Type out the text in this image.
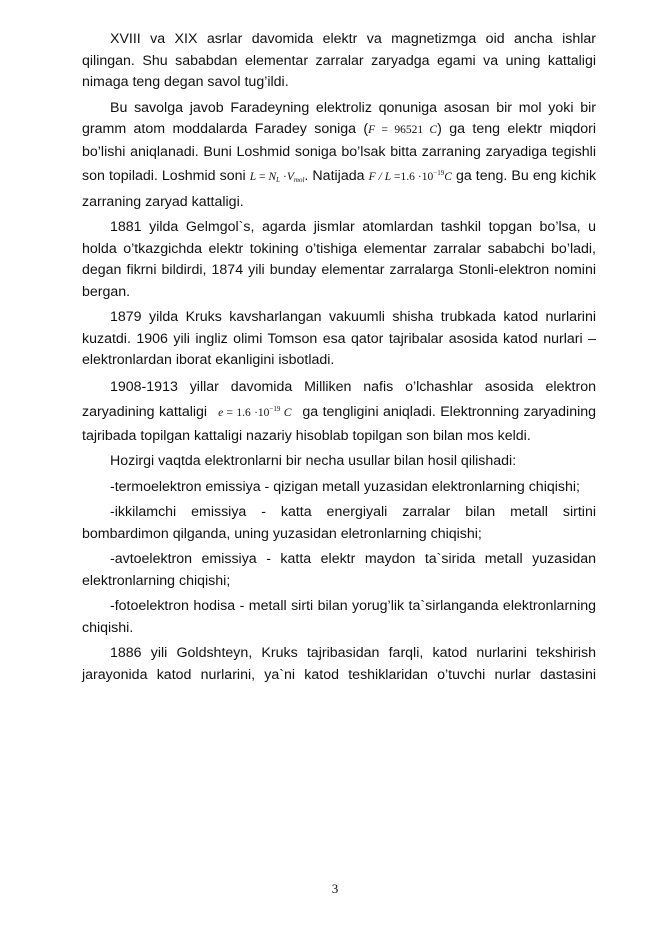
XVIII va XIX asrlar davomida elektr va magnetizmga oid ancha ishlar qilingan. Shu sababdan elementar zarralar zaryadga egami va uning kattaligi nimaga teng degan savol tug’ildi.

Bu savolga javob Faradeyning elektroliz qonuniga asosan bir mol yoki bir gramm atom moddalarda Faradey soniga (F = 96521 C) ga teng elektr miqdori bo’lishi aniqlanadi. Buni Loshmid soniga bo’lsak bitta zarraning zaryadiga tegishli son topiladi. Loshmid soni $L = N_L \cdot V_{mol}$. Natijada $F / L =1.6 \cdot 10^{-19}C$ ga teng. Bu eng kichik zarraning zaryad kattaligi.

1881 yilda Gelmgol`s, agarda jismlar atomlardan tashkil topgan bo’lsa, u holda o’tkazgichda elektr tokining o’tishiga elementar zarralar sababchi bo’ladi, degan fikrni bildirdi, 1874 yili bunday elementar zarralarga Stonli-elektron nomini bergan.

1879 yilda Kruks kavsharlangan vakuumli shisha trubkada katod nurlarini kuzatdi. 1906 yili ingliz olimi Tomson esa qator tajribalar asosida katod nurlari – elektronlardan iborat ekanligini isbotladi.

1908-1913 yillar davomida Milliken nafis o’lchashlar asosida elektron zaryadining kattaligi $e = 1.6 \cdot 10^{-19}$ C ga tengligini aniqladi. Elektronning zaryadining tajribada topilgan kattaligi nazariy hisoblab topilgan son bilan mos keldi.

Hozirgi vaqtda elektronlarni bir necha usullar bilan hosil qilishadi:

-termoelektron emissiya - qizigan metall yuzasidan elektronlarning chiqishi;

-ikkilamchi emissiya - katta energiyali zarralar bilan metall sirtini bombardimon qilganda, uning yuzasidan eletronlarning chiqishi;

-avtoelektron emissiya - katta elektr maydon ta`sirida metall yuzasidan elektronlarning chiqishi;

-fotoelektron hodisa - metall sirti bilan yorug’lik ta`sirlanganda elektronlarning chiqishi.

1886 yili Goldshteyn, Kruks tajribasidan farqli, katod nurlarini tekshirish jarayonida katod nurlarini, ya`ni katod teshiklaridan o’tuvchi nurlar dastasini

3
